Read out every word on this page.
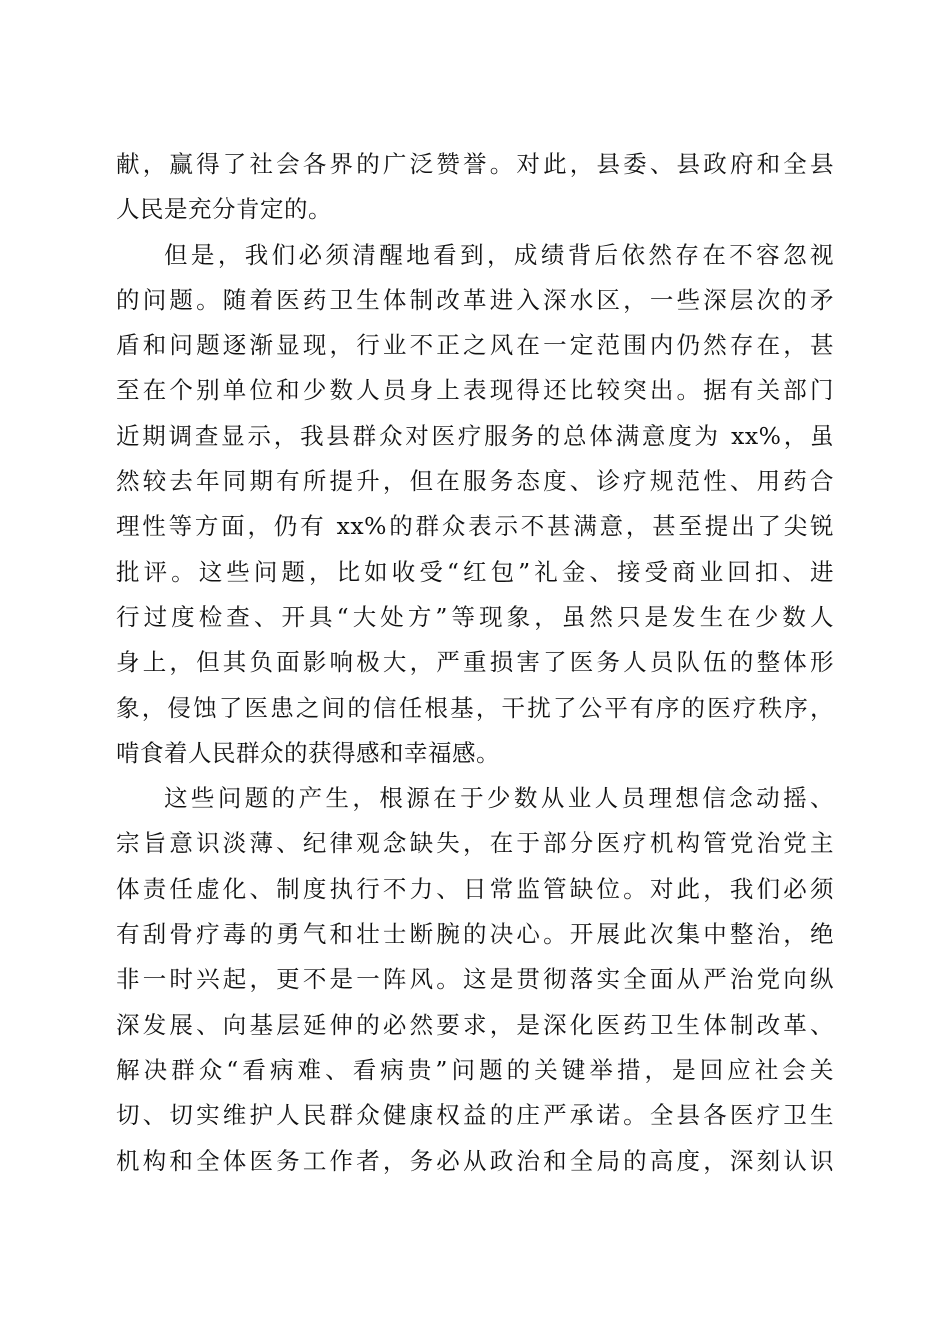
献，赢得了社会各界的广泛赞誉。对此，县委、县政府和全县
人民是充分肯定的。
但是，我们必须清醒地看到，成绩背后依然存在不容忽视
的问题。随着医药卫生体制改革进入深水区，一些深层次的矛
盾和问题逐渐显现，行业不正之风在一定范围内仍然存在，甚
至在个别单位和少数人员身上表现得还比较突出。据有关部门
近期调查显示，我县群众对医疗服务的总体满意度为 xx%，虽
然较去年同期有所提升，但在服务态度、诊疗规范性、用药合
理性等方面，仍有 xx%的群众表示不甚满意，甚至提出了尖锐
批评。这些问题，比如收受“红包”礼金、接受商业回扣、进
行过度检查、开具“大处方”等现象，虽然只是发生在少数人
身上，但其负面影响极大，严重损害了医务人员队伍的整体形
象，侵蚀了医患之间的信任根基，干扰了公平有序的医疗秩序，
啃食着人民群众的获得感和幸福感。
这些问题的产生，根源在于少数从业人员理想信念动摇、
宗旨意识淡薄、纪律观念缺失，在于部分医疗机构管党治党主
体责任虚化、制度执行不力、日常监管缺位。对此，我们必须
有刮骨疗毒的勇气和壮士断腕的决心。开展此次集中整治，绝
非一时兴起，更不是一阵风。这是贯彻落实全面从严治党向纵
深发展、向基层延伸的必然要求，是深化医药卫生体制改革、
解决群众“看病难、看病贵”问题的关键举措，是回应社会关
切、切实维护人民群众健康权益的庄严承诺。全县各医疗卫生
机构和全体医务工作者，务必从政治和全局的高度，深刻认识
